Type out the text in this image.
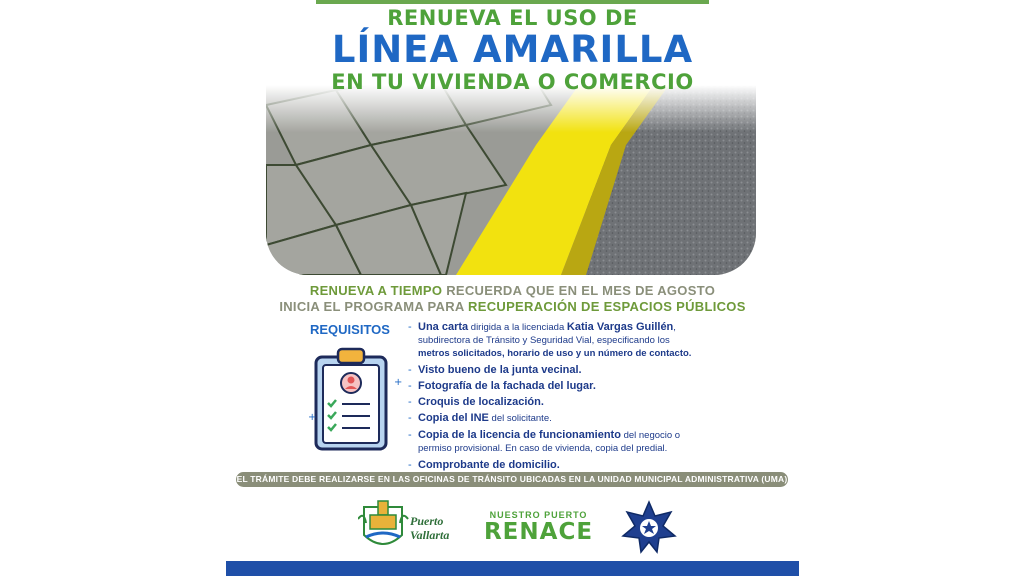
RENUEVA EL USO DE
LÍNEA AMARILLA
EN TU VIVIENDA O COMERCIO
RENUEVA A TIEMPO RECUERDA QUE EN EL MES DE AGOSTO
INICIA EL PROGRAMA PARA RECUPERACIÓN DE ESPACIOS PÚBLICOS
REQUISITOS
+
+
- Una carta dirigida a la licenciada Katia Vargas Guillén,
subdirectora de Tránsito y Seguridad Vial, especificando los
metros solicitados, horario de uso y un número de contacto.
- Visto bueno de la junta vecinal.
- Fotografía de la fachada del lugar.
- Croquis de localización.
- Copia del INE del solicitante.
- Copia de la licencia de funcionamiento del negocio o
permiso provisional. En caso de vivienda, copia del predial.
- Comprobante de domicilio.
EL TRÁMITE DEBE REALIZARSE EN LAS OFICINAS DE TRÁNSITO UBICADAS EN LA UNIDAD MUNICIPAL ADMINISTRATIVA (UMA)
Puerto
Vallarta
NUESTRO PUERTO
RENACE
